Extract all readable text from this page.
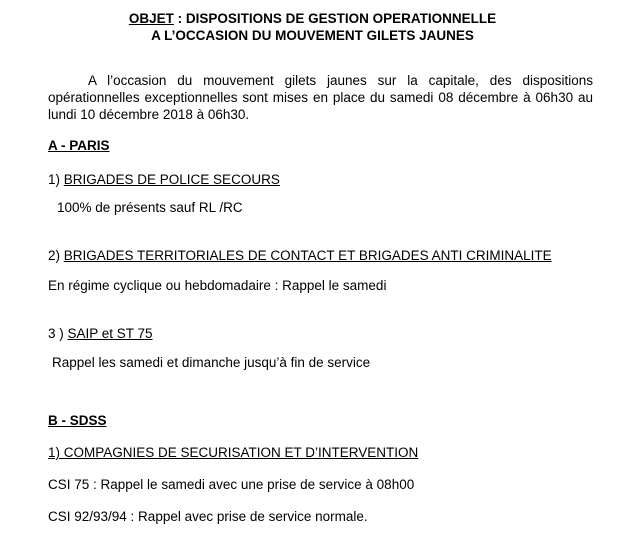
OBJET : DISPOSITIONS DE GESTION OPERATIONNELLE
A L’OCCASION DU MOUVEMENT GILETS JAUNES

A l’occasion du mouvement gilets jaunes sur la capitale, des dispositions opérationnelles exceptionnelles sont mises en place du samedi 08 décembre à 06h30 au lundi 10 décembre 2018 à 06h30.

A - PARIS
1) BRIGADES DE POLICE SECOURS
100% de présents sauf RL /RC
2) BRIGADES TERRITORIALES DE CONTACT ET BRIGADES ANTI CRIMINALITE
En régime cyclique ou hebdomadaire : Rappel le samedi
3 ) SAIP et ST 75
Rappel les samedi et dimanche jusqu’à fin de service
B - SDSS
1) COMPAGNIES DE SECURISATION ET D’INTERVENTION
CSI 75 : Rappel le samedi avec une prise de service à 08h00
CSI 92/93/94 : Rappel avec prise de service normale.
